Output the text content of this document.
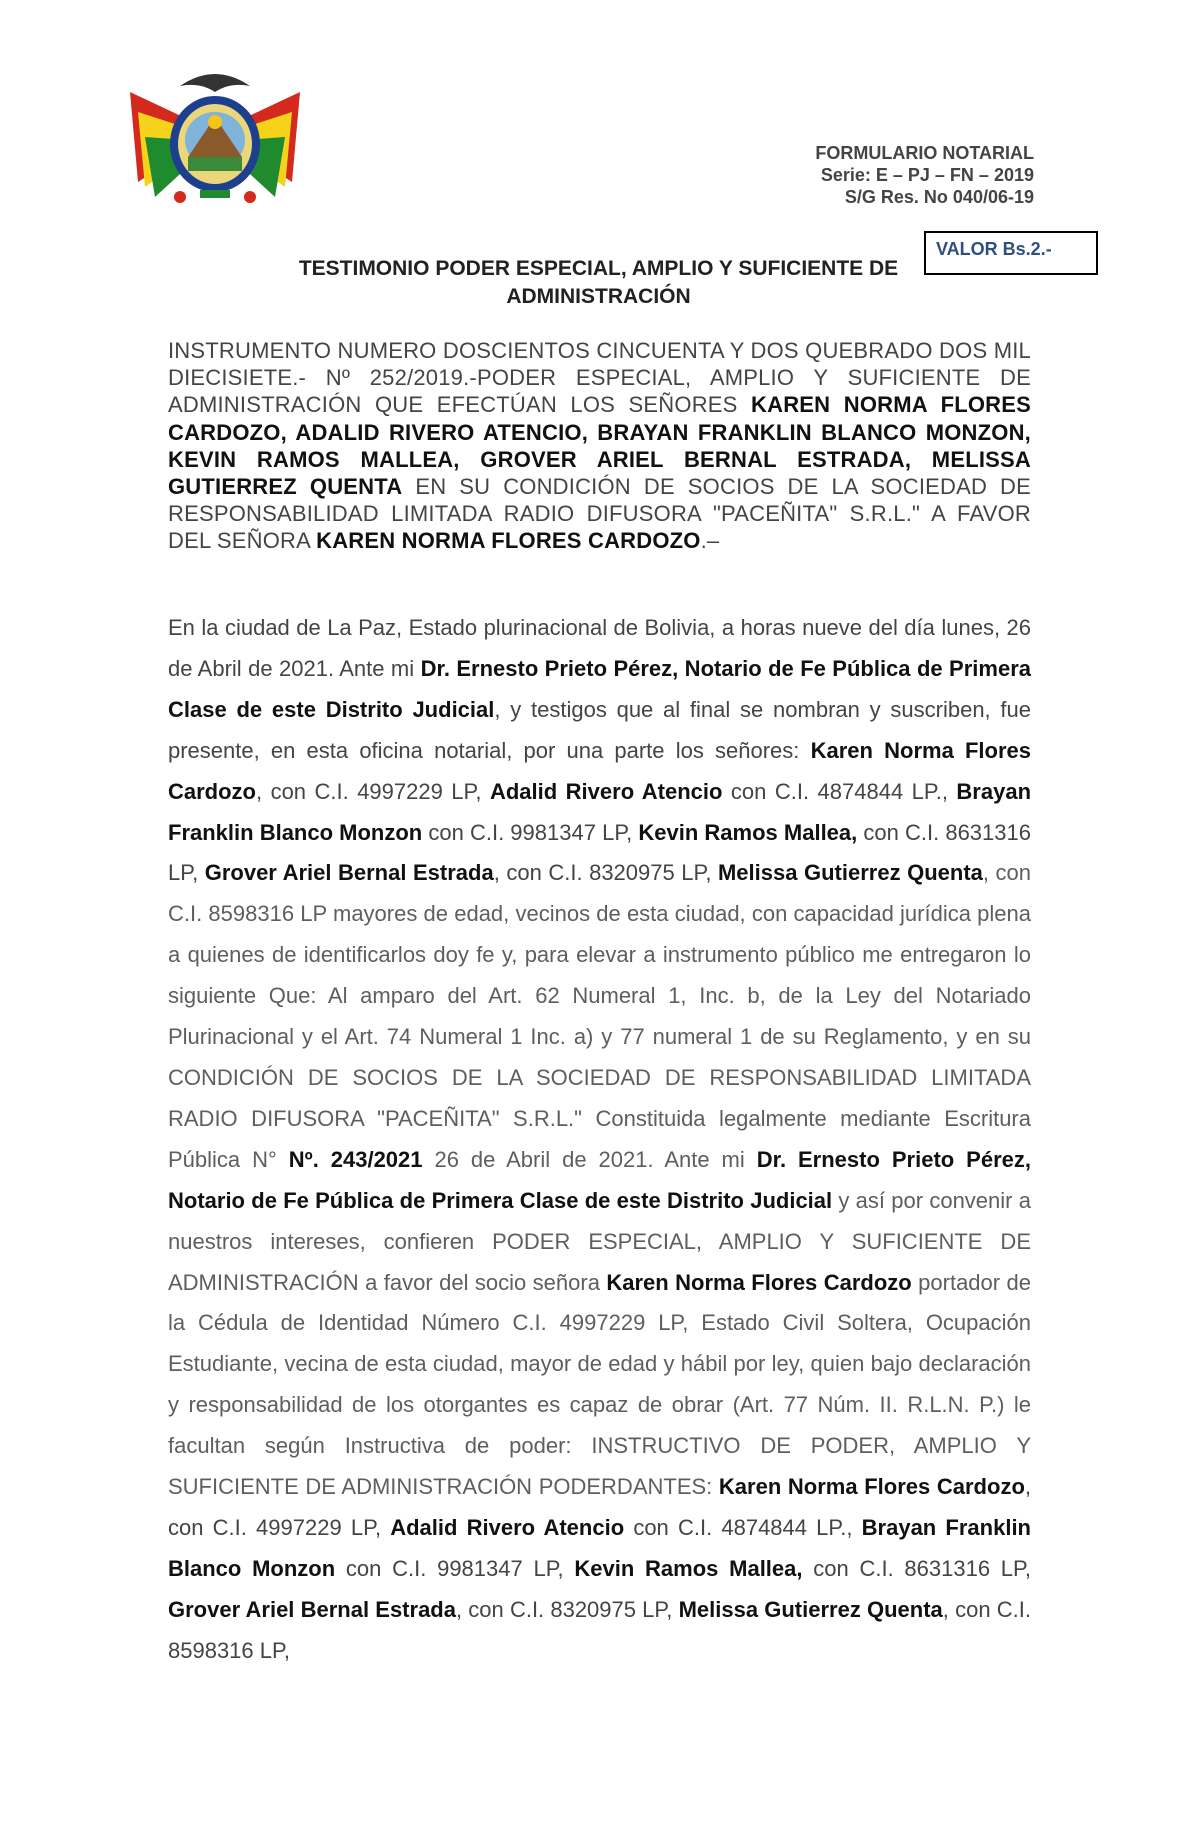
FORMULARIO NOTARIAL
Serie: E – PJ – FN – 2019
S/G Res. No 040/06-19
TESTIMONIO PODER ESPECIAL, AMPLIO Y SUFICIENTE DE
ADMINISTRACIÓN
VALOR Bs.2.-
INSTRUMENTO NUMERO DOSCIENTOS CINCUENTA Y DOS QUEBRADO DOS MIL DIECISIETE.- Nº 252/2019.-PODER ESPECIAL, AMPLIO Y SUFICIENTE DE ADMINISTRACIÓN QUE EFECTÚAN LOS SEÑORES KAREN NORMA FLORES CARDOZO, ADALID RIVERO ATENCIO, BRAYAN FRANKLIN BLANCO MONZON, KEVIN RAMOS MALLEA, GROVER ARIEL BERNAL ESTRADA, MELISSA GUTIERREZ QUENTA EN SU CONDICIÓN DE SOCIOS DE LA SOCIEDAD DE RESPONSABILIDAD LIMITADA RADIO DIFUSORA "PACEÑITA" S.R.L." A FAVOR DEL SEÑORA KAREN NORMA FLORES CARDOZO.–
En la ciudad de La Paz, Estado plurinacional de Bolivia, a horas nueve del día lunes, 26 de Abril de 2021. Ante mi Dr. Ernesto Prieto Pérez, Notario de Fe Pública de Primera Clase de este Distrito Judicial, y testigos que al final se nombran y suscriben, fue presente, en esta oficina notarial, por una parte los señores: Karen Norma Flores Cardozo, con C.I. 4997229 LP, Adalid Rivero Atencio con C.I. 4874844 LP., Brayan Franklin Blanco Monzon con C.I. 9981347 LP, Kevin Ramos Mallea, con C.I. 8631316 LP, Grover Ariel Bernal Estrada, con C.I. 8320975 LP, Melissa Gutierrez Quenta, con C.I. 8598316 LP mayores de edad, vecinos de esta ciudad, con capacidad jurídica plena a quienes de identificarlos doy fe y, para elevar a instrumento público me entregaron lo siguiente Que: Al amparo del Art. 62 Numeral 1, Inc. b, de la Ley del Notariado Plurinacional y el Art. 74 Numeral 1 Inc. a) y 77 numeral 1 de su Reglamento, y en su CONDICIÓN DE SOCIOS DE LA SOCIEDAD DE RESPONSABILIDAD LIMITADA RADIO DIFUSORA "PACEÑITA" S.R.L." Constituida legalmente mediante Escritura Pública N° Nº. 243/2021 26 de Abril de 2021. Ante mi Dr. Ernesto Prieto Pérez, Notario de Fe Pública de Primera Clase de este Distrito Judicial y así por convenir a nuestros intereses, confieren PODER ESPECIAL, AMPLIO Y SUFICIENTE DE ADMINISTRACIÓN a favor del socio señora Karen Norma Flores Cardozo portador de la Cédula de Identidad Número C.I. 4997229 LP, Estado Civil Soltera, Ocupación Estudiante, vecina de esta ciudad, mayor de edad y hábil por ley, quien bajo declaración y responsabilidad de los otorgantes es capaz de obrar (Art. 77 Núm. II. R.L.N. P.) le facultan según Instructiva de poder: INSTRUCTIVO DE PODER, AMPLIO Y SUFICIENTE DE ADMINISTRACIÓN PODERDANTES: Karen Norma Flores Cardozo, con C.I. 4997229 LP, Adalid Rivero Atencio con C.I. 4874844 LP., Brayan Franklin Blanco Monzon con C.I. 9981347 LP, Kevin Ramos Mallea, con C.I. 8631316 LP, Grover Ariel Bernal Estrada, con C.I. 8320975 LP, Melissa Gutierrez Quenta, con C.I. 8598316 LP,
